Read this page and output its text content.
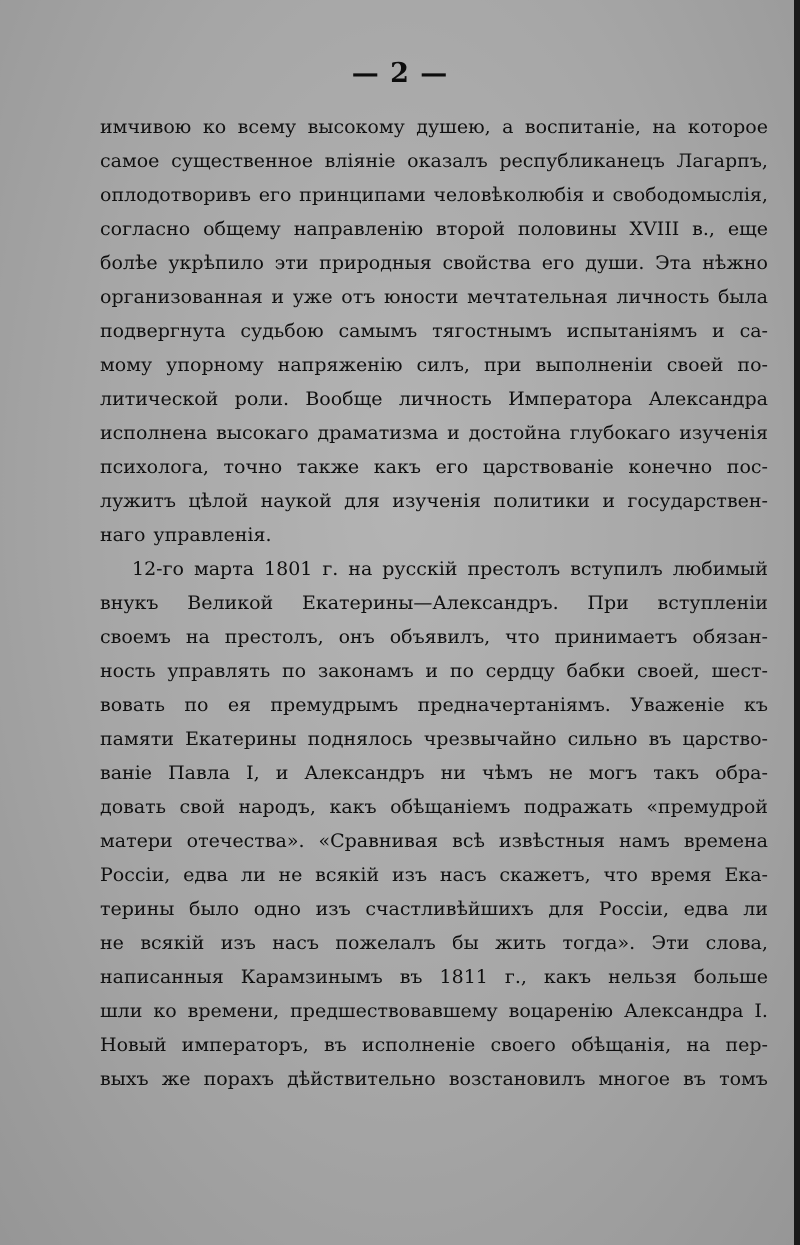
— 2 —
имчивою ко всему высокому душею, а воспитанiе, на которое
самое существенное влiянiе оказалъ республиканецъ Лагарпъ,
оплодотворивъ его принципами человѣколюбiя и свободомыслiя,
согласно общему направленiю второй половины XVIII в., еще
болѣе укрѣпило эти природныя свойства его души. Эта нѣжно
организованная и уже отъ юности мечтательная личность была
подвергнута судьбою самымъ тягостнымъ испытанiямъ и са-
мому упорному напряженiю силъ, при выполненiи своей по-
литической роли. Вообще личность Императора Александра
исполнена высокаго драматизма и достойна глубокаго изученiя
психолога, точно также какъ его царствованiе конечно пос-
лужитъ цѣлой наукой для изученiя политики и государствен-
наго управленiя.
12-го марта 1801 г. на русскiй престолъ вступилъ любимый
внукъ Великой Екатерины—Александръ. При вступленiи
своемъ на престолъ, онъ объявилъ, что принимаетъ обязан-
ность управлять по законамъ и по сердцу бабки своей, шест-
вовать по ея премудрымъ предначертанiямъ. Уваженiе къ
памяти Екатерины поднялось чрезвычайно сильно въ царство-
ванiе Павла I, и Александръ ни чѣмъ не могъ такъ обра-
довать свой народъ, какъ обѣщанiемъ подражать «премудрой
матери отечества». «Сравнивая всѣ извѣстныя намъ времена
Россiи, едва ли не всякiй изъ насъ скажетъ, что время Ека-
терины было одно изъ счастливѣйшихъ для Россiи, едва ли
не всякiй изъ насъ пожелалъ бы жить тогда». Эти слова,
написанныя Карамзинымъ въ 1811 г., какъ нельзя больше
шли ко времени, предшествовавшему воцаренiю Александра I.
Новый императоръ, въ исполненiе своего обѣщанiя, на пер-
выхъ же порахъ дѣйствительно возстановилъ многое въ томъ
